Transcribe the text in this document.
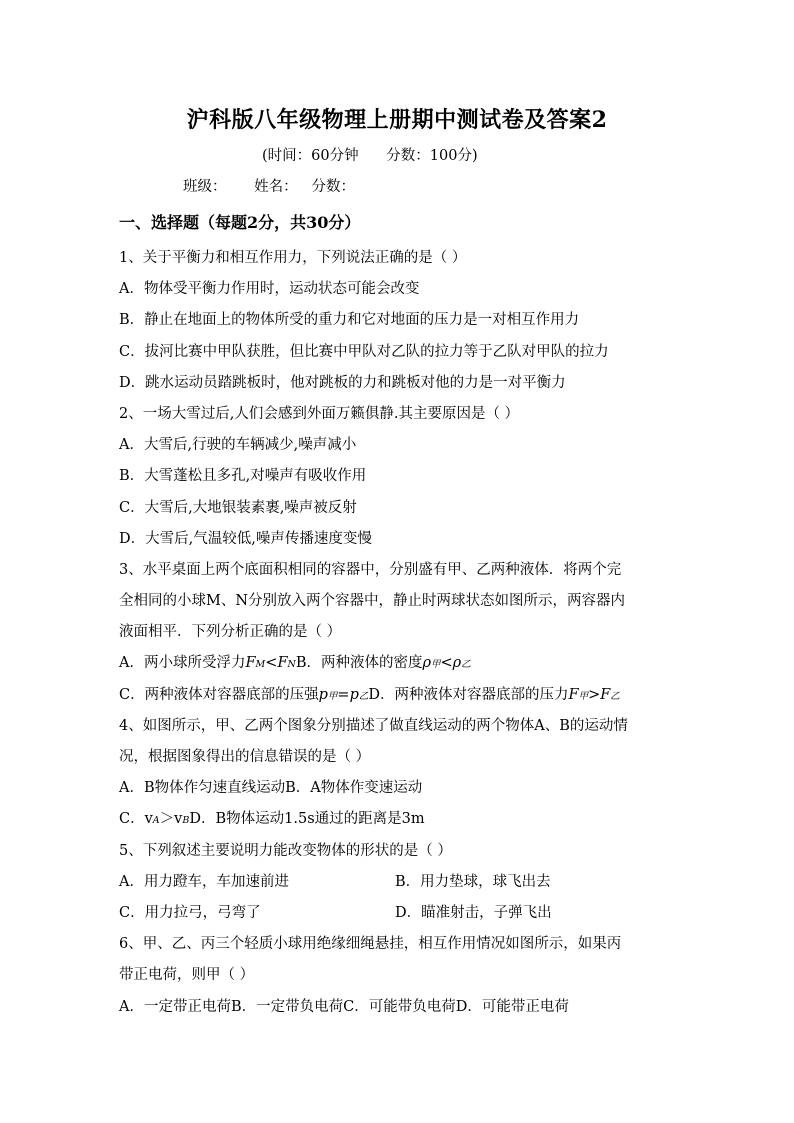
沪科版八年级物理上册期中测试卷及答案2
(时间：60分钟      分数：100分)
班级：      姓名：   分数：
一、选择题（每题2分，共30分）
1、关于平衡力和相互作用力，下列说法正确的是（ ）
A．物体受平衡力作用时，运动状态可能会改变
B．静止在地面上的物体所受的重力和它对地面的压力是一对相互作用力
C．拔河比赛中甲队获胜，但比赛中甲队对乙队的拉力等于乙队对甲队的拉力
D．跳水运动员踏跳板时，他对跳板的力和跳板对他的力是一对平衡力
2、一场大雪过后,人们会感到外面万籁俱静.其主要原因是（ ）
A．大雪后,行驶的车辆减少,噪声减小
B．大雪蓬松且多孔,对噪声有吸收作用
C．大雪后,大地银装素裹,噪声被反射
D．大雪后,气温较低,噪声传播速度变慢
3、水平桌面上两个底面积相同的容器中，分别盛有甲、乙两种液体．将两个完
全相同的小球M、N分别放入两个容器中，静止时两球状态如图所示，两容器内
液面相平．下列分析正确的是（ ）
A．两小球所受浮力FM<FNB．两种液体的密度ρ甲<ρ乙
C．两种液体对容器底部的压强p甲=p乙D．两种液体对容器底部的压力F甲>F乙
4、如图所示，甲、乙两个图象分别描述了做直线运动的两个物体A、B的运动情
况，根据图象得出的信息错误的是（ ）
A．B物体作匀速直线运动B．A物体作变速运动
C．vA＞vBD．B物体运动1.5s通过的距离是3m
5、下列叙述主要说明力能改变物体的形状的是（ ）
A．用力蹬车，车加速前进	B．用力垫球，球飞出去
C．用力拉弓，弓弯了	D．瞄准射击，子弹飞出
6、甲、乙、丙三个轻质小球用绝缘细绳悬挂，相互作用情况如图所示，如果丙
带正电荷，则甲（ ）
A．一定带正电荷B．一定带负电荷C．可能带负电荷D．可能带正电荷
